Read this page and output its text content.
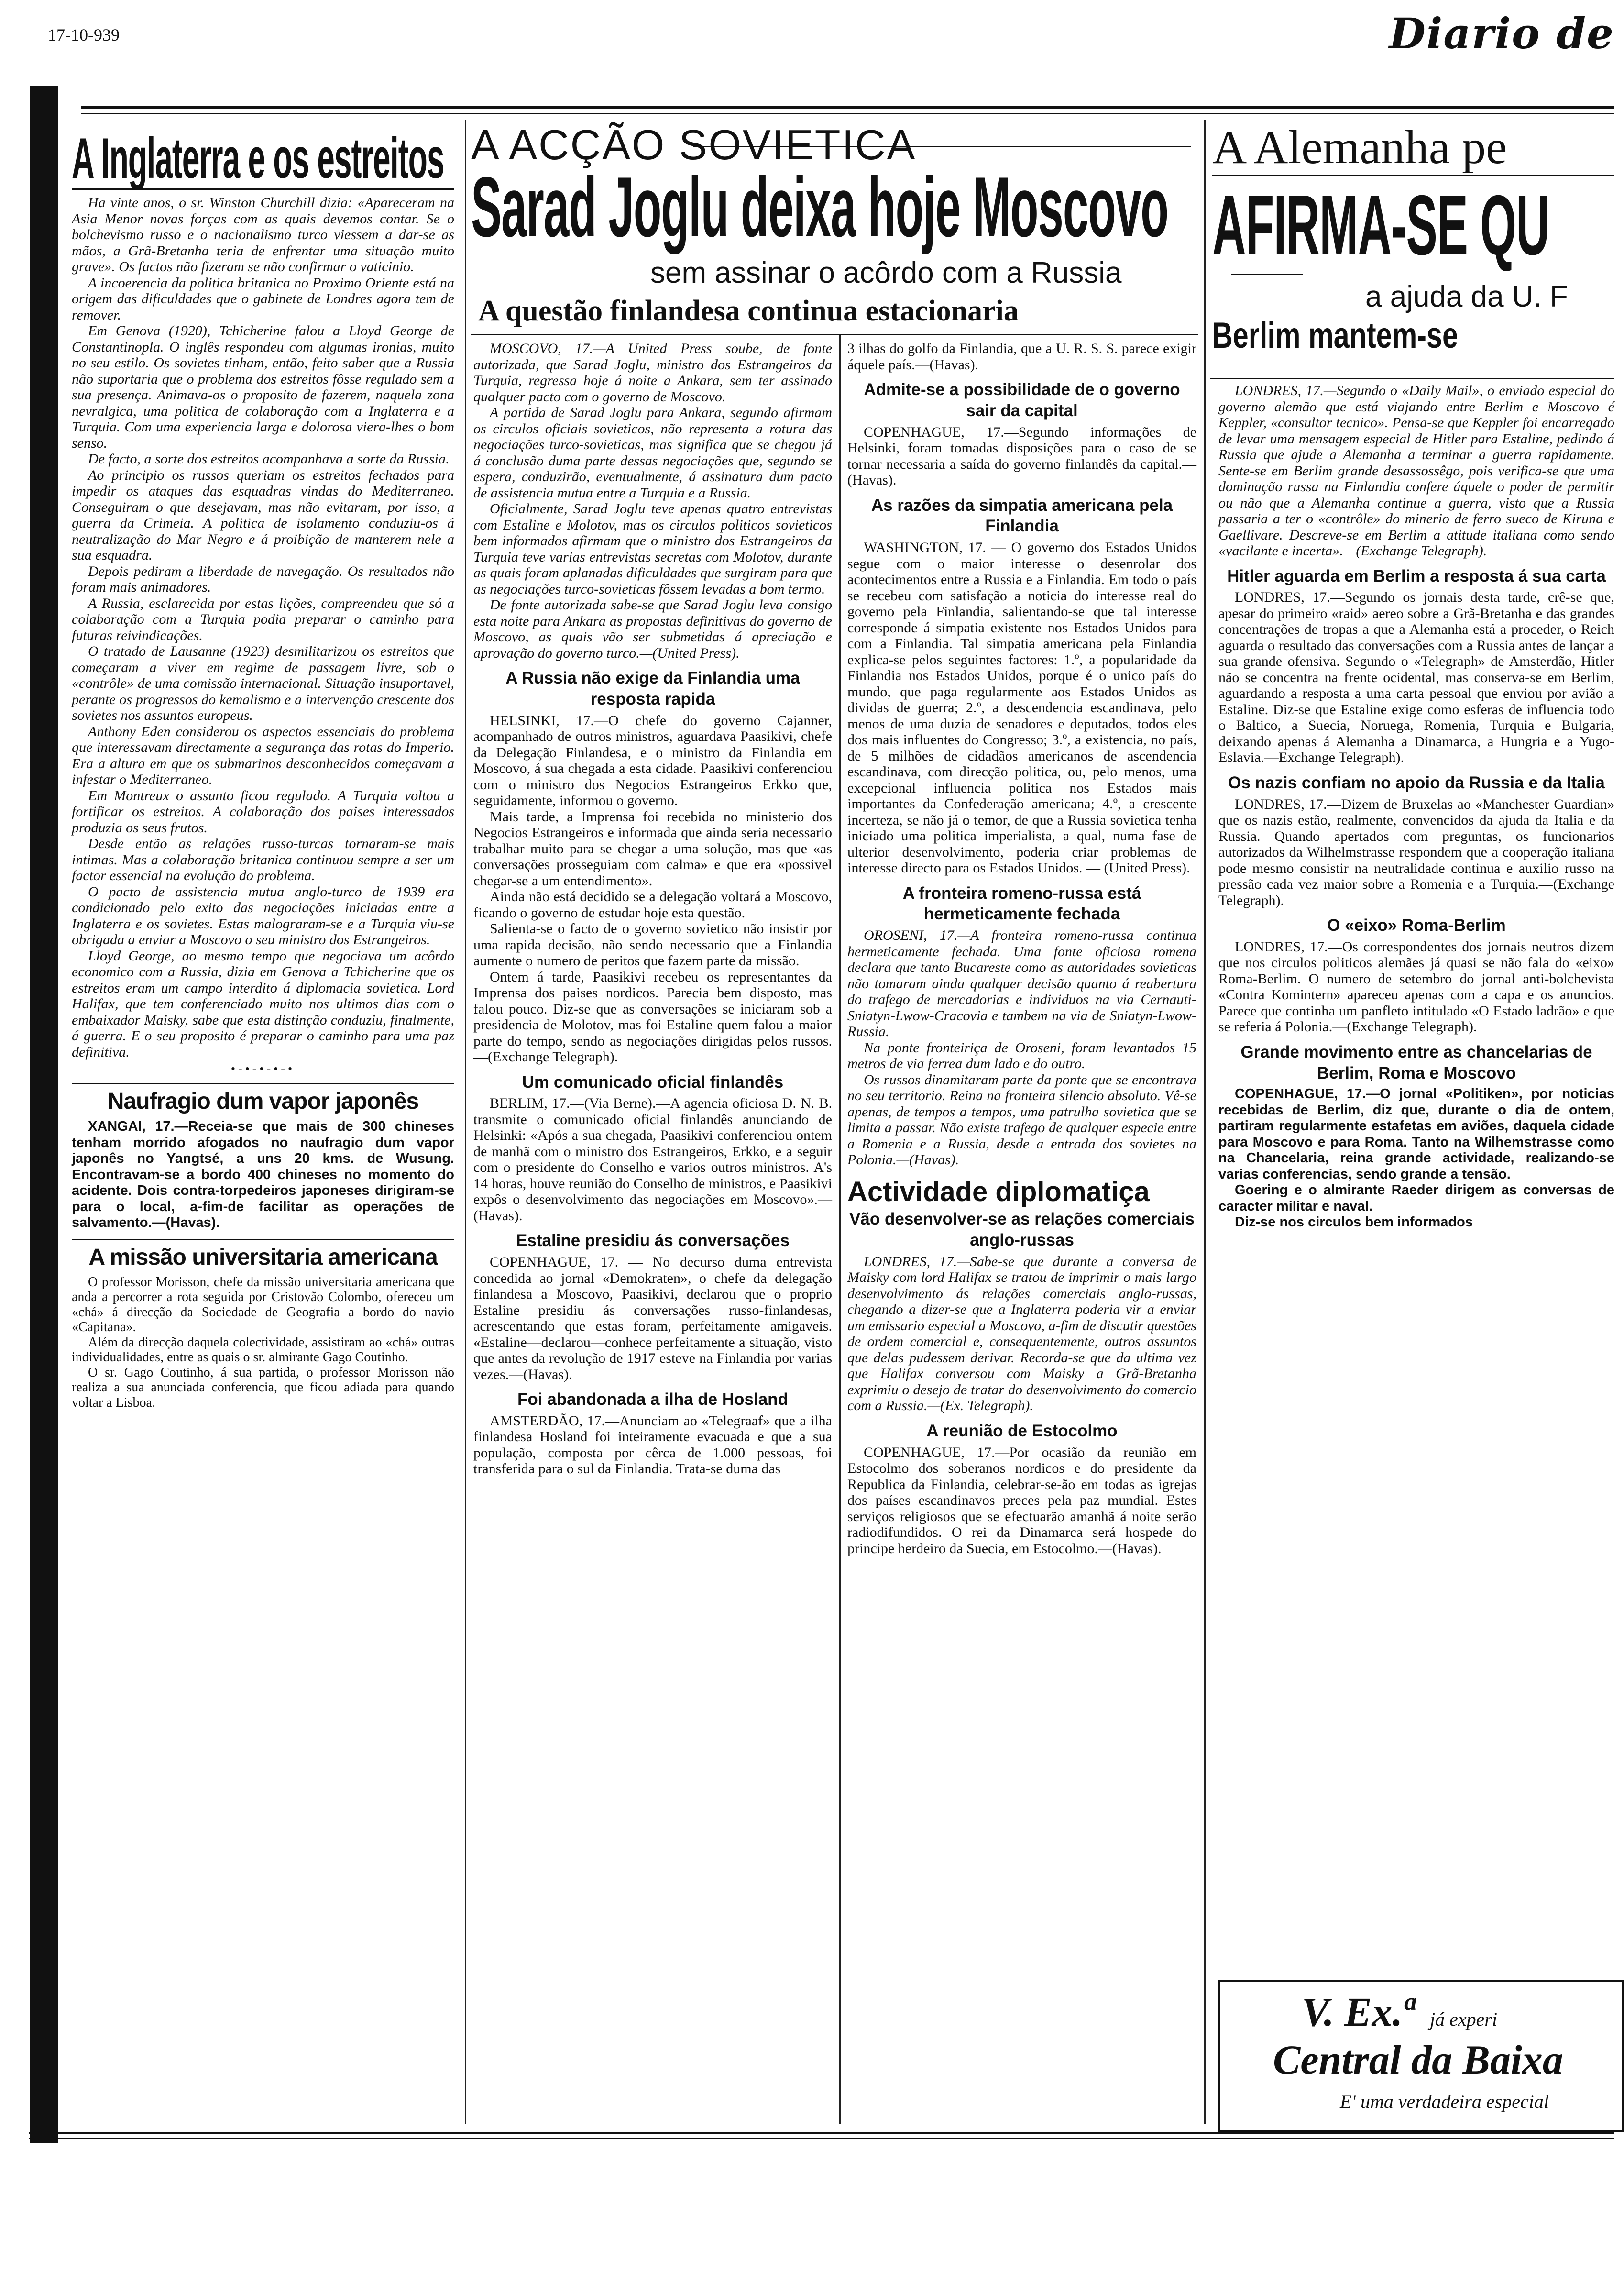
17-10-939	Diario de
A Inglaterra e os estreitos

Ha vinte anos, o sr. Winston Churchill dizia: «Apareceram na Asia Menor novas forças com as quais devemos contar. Se o bolchevismo russo e o nacionalismo turco viessem a dar-se as mãos, a Grã-Bretanha teria de enfrentar uma situação muito grave». Os factos não fizeram se não confirmar o vaticinio.

A incoerencia da politica britanica no Proximo Oriente está na origem das dificuldades que o gabinete de Londres agora tem de remover.

Em Genova (1920), Tchicherine falou a Lloyd George de Constantinopla. O inglês respondeu com algumas ironias, muito no seu estilo. Os sovietes tinham, então, feito saber que a Russia não suportaria que o problema dos estreitos fôsse regulado sem a sua presença. Animava-os o proposito de fazerem, naquela zona nevralgica, uma politica de colaboração com a Inglaterra e a Turquia. Com uma experiencia larga e dolorosa viera-lhes o bom senso.

De facto, a sorte dos estreitos acompanhava a sorte da Russia.

Ao principio os russos queriam os estreitos fechados para impedir os ataques das esquadras vindas do Mediterraneo. Conseguiram o que desejavam, mas não evitaram, por isso, a guerra da Crimeia. A politica de isolamento conduziu-os á neutralização do Mar Negro e á proibição de manterem nele a sua esquadra.

Depois pediram a liberdade de navegação. Os resultados não foram mais animadores.

A Russia, esclarecida por estas lições, compreendeu que só a colaboração com a Turquia podia preparar o caminho para futuras reivindicações.

O tratado de Lausanne (1923) desmilitarizou os estreitos que começaram a viver em regime de passagem livre, sob o «contrôle» de uma comissão internacional. Situação insuportavel, perante os progressos do kemalismo e a intervenção crescente dos sovietes nos assuntos europeus.

Anthony Eden considerou os aspectos essenciais do problema que interessavam directamente a segurança das rotas do Imperio. Era a altura em que os submarinos desconhecidos começavam a infestar o Mediterraneo.

Em Montreux o assunto ficou regulado. A Turquia voltou a fortificar os estreitos. A colaboração dos paises interessados produzia os seus frutos.

Desde então as relações russo-turcas tornaram-se mais intimas. Mas a colaboração britanica continuou sempre a ser um factor essencial na evolução do problema.

O pacto de assistencia mutua anglo-turco de 1939 era condicionado pelo exito das negociações iniciadas entre a Inglaterra e os sovietes. Estas malograram-se e a Turquia viu-se obrigada a enviar a Moscovo o seu ministro dos Estrangeiros.

Lloyd George, ao mesmo tempo que negociava um acôrdo economico com a Russia, dizia em Genova a Tchicherine que os estreitos eram um campo interdito á diplomacia sovietica. Lord Halifax, que tem conferenciado muito nos ultimos dias com o embaixador Maisky, sabe que esta distinção conduziu, finalmente, á guerra. E o seu proposito é preparar o caminho para uma paz definitiva.

•-•-•-•-•
Naufragio dum vapor japonês

XANGAI, 17.—Receia-se que mais de 300 chineses tenham morrido afogados no naufragio dum vapor japonês no Yangtsé, a uns 20 kms. de Wusung. Encontravam-se a bordo 400 chineses no momento do acidente. Dois contra-torpedeiros japoneses dirigiram-se para o local, a-fim-de facilitar as operações de salvamento.—(Havas).

A missão universitaria americana

O professor Morisson, chefe da missão universitaria americana que anda a percorrer a rota seguida por Cristovão Colombo, ofereceu um «chá» á direcção da Sociedade de Geografia a bordo do navio «Capitana».

Além da direcção daquela colectividade, assistiram ao «chá» outras individualidades, entre as quais o sr. almirante Gago Coutinho.

O sr. Gago Coutinho, á sua partida, o professor Morisson não realiza a sua anunciada conferencia, que ficou adiada para quando voltar a Lisboa.

A ACÇÃO SOVIETICA
Sarad Joglu deixa hoje Moscovo
sem assinar o acôrdo com a Russia
A questão finlandesa continua estacionaria

MOSCOVO, 17.—A United Press soube, de fonte autorizada, que Sarad Joglu, ministro dos Estrangeiros da Turquia, regressa hoje á noite a Ankara, sem ter assinado qualquer pacto com o governo de Moscovo.

A partida de Sarad Joglu para Ankara, segundo afirmam os circulos oficiais sovieticos, não representa a rotura das negociações turco-sovieticas, mas significa que se chegou já á conclusão duma parte dessas negociações que, segundo se espera, conduzirão, eventualmente, á assinatura dum pacto de assistencia mutua entre a Turquia e a Russia.

Oficialmente, Sarad Joglu teve apenas quatro entrevistas com Estaline e Molotov, mas os circulos politicos sovieticos bem informados afirmam que o ministro dos Estrangeiros da Turquia teve varias entrevistas secretas com Molotov, durante as quais foram aplanadas dificuldades que surgiram para que as negociações turco-sovieticas fôssem levadas a bom termo.

De fonte autorizada sabe-se que Sarad Joglu leva consigo esta noite para Ankara as propostas definitivas do governo de Moscovo, as quais vão ser submetidas á apreciação e aprovação do governo turco.—(United Press).

A Russia não exige da Finlandia uma resposta rapida

HELSINKI, 17.—O chefe do governo Cajanner, acompanhado de outros ministros, aguardava Paasikivi, chefe da Delegação Finlandesa, e o ministro da Finlandia em Moscovo, á sua chegada a esta cidade. Paasikivi conferenciou com o ministro dos Negocios Estrangeiros Erkko que, seguidamente, informou o governo.

Mais tarde, a Imprensa foi recebida no ministerio dos Negocios Estrangeiros e informada que ainda seria necessario trabalhar muito para se chegar a uma solução, mas que «as conversações prosseguiam com calma» e que era «possivel chegar-se a um entendimento».

Ainda não está decidido se a delegação voltará a Moscovo, ficando o governo de estudar hoje esta questão.

Salienta-se o facto de o governo sovietico não insistir por uma rapida decisão, não sendo necessario que a Finlandia aumente o numero de peritos que fazem parte da missão.

Ontem á tarde, Paasikivi recebeu os representantes da Imprensa dos paises nordicos. Parecia bem disposto, mas falou pouco. Diz-se que as conversações se iniciaram sob a presidencia de Molotov, mas foi Estaline quem falou a maior parte do tempo, sendo as negociações dirigidas pelos russos.—(Exchange Telegraph).

Um comunicado oficial finlandês

BERLIM, 17.—(Via Berne).—A agencia oficiosa D. N. B. transmite o comunicado oficial finlandês anunciando de Helsinki: «Após a sua chegada, Paasikivi conferenciou ontem de manhã com o ministro dos Estrangeiros, Erkko, e a seguir com o presidente do Conselho e varios outros ministros. A's 14 horas, houve reunião do Conselho de ministros, e Paasikivi expôs o desenvolvimento das negociações em Moscovo».—(Havas).

Estaline presidiu ás conversações

COPENHAGUE, 17. — No decurso duma entrevista concedida ao jornal «Demokraten», o chefe da delegação finlandesa a Moscovo, Paasikivi, declarou que o proprio Estaline presidiu ás conversações russo-finlandesas, acrescentando que estas foram, perfeitamente amigaveis. «Estaline—declarou—conhece perfeitamente a situação, visto que antes da revolução de 1917 esteve na Finlandia por varias vezes.—(Havas).

Foi abandonada a ilha de Hosland

AMSTERDÃO, 17.—Anunciam ao «Telegraaf» que a ilha finlandesa Hosland foi inteiramente evacuada e que a sua população, composta por cêrca de 1.000 pessoas, foi transferida para o sul da Finlandia. Trata-se duma das

3 ilhas do golfo da Finlandia, que a U. R. S. S. parece exigir áquele país.—(Havas).

Admite-se a possibilidade de o governo sair da capital

COPENHAGUE, 17.—Segundo informações de Helsinki, foram tomadas disposições para o caso de se tornar necessaria a saída do governo finlandês da capital.—(Havas).

As razões da simpatia americana pela Finlandia

WASHINGTON, 17. — O governo dos Estados Unidos segue com o maior interesse o desenrolar dos acontecimentos entre a Russia e a Finlandia. Em todo o país se recebeu com satisfação a noticia do interesse real do governo pela Finlandia, salientando-se que tal interesse corresponde á simpatia existente nos Estados Unidos para com a Finlandia. Tal simpatia americana pela Finlandia explica-se pelos seguintes factores: 1.º, a popularidade da Finlandia nos Estados Unidos, porque é o unico país do mundo, que paga regularmente aos Estados Unidos as dividas de guerra; 2.º, a descendencia escandinava, pelo menos de uma duzia de senadores e deputados, todos eles dos mais influentes do Congresso; 3.º, a existencia, no país, de 5 milhões de cidadãos americanos de ascendencia escandinava, com direcção politica, ou, pelo menos, uma excepcional influencia politica nos Estados mais importantes da Confederação americana; 4.º, a crescente incerteza, se não já o temor, de que a Russia sovietica tenha iniciado uma politica imperialista, a qual, numa fase de ulterior desenvolvimento, poderia criar problemas de interesse directo para os Estados Unidos. — (United Press).

A fronteira romeno-russa está hermeticamente fechada

OROSENI, 17.—A fronteira romeno-russa continua hermeticamente fechada. Uma fonte oficiosa romena declara que tanto Bucareste como as autoridades sovieticas não tomaram ainda qualquer decisão quanto á reabertura do trafego de mercadorias e individuos na via Cernauti-Sniatyn-Lwow-Cracovia e tambem na via de Sniatyn-Lwow-Russia.

Na ponte fronteiriça de Oroseni, foram levantados 15 metros de via ferrea dum lado e do outro.

Os russos dinamitaram parte da ponte que se encontrava no seu territorio. Reina na fronteira silencio absoluto. Vê-se apenas, de tempos a tempos, uma patrulha sovietica que se limita a passar. Não existe trafego de qualquer especie entre a Romenia e a Russia, desde a entrada dos sovietes na Polonia.—(Havas).

Actividade diplomatiça
Vão desenvolver-se as relações comerciais anglo-russas

LONDRES, 17.—Sabe-se que durante a conversa de Maisky com lord Halifax se tratou de imprimir o mais largo desenvolvimento ás relações comerciais anglo-russas, chegando a dizer-se que a Inglaterra poderia vir a enviar um emissario especial a Moscovo, a-fim de discutir questões de ordem comercial e, consequentemente, outros assuntos que delas pudessem derivar. Recorda-se que da ultima vez que Halifax conversou com Maisky a Grã-Bretanha exprimiu o desejo de tratar do desenvolvimento do comercio com a Russia.—(Ex. Telegraph).

A reunião de Estocolmo

COPENHAGUE, 17.—Por ocasião da reunião em Estocolmo dos soberanos nordicos e do presidente da Republica da Finlandia, celebrar-se-ão em todas as igrejas dos países escandinavos preces pela paz mundial. Estes serviços religiosos que se efectuarão amanhã á noite serão radiodifundidos. O rei da Dinamarca será hospede do principe herdeiro da Suecia, em Estocolmo.—(Havas).

A Alemanha pe
AFIRMA-SE QU
a ajuda da U. F
Berlim mantem-se

LONDRES, 17.—Segundo o «Daily Mail», o enviado especial do governo alemão que está viajando entre Berlim e Moscovo é Keppler, «consultor tecnico». Pensa-se que Keppler foi encarregado de levar uma mensagem especial de Hitler para Estaline, pedindo á Russia que ajude a Alemanha a terminar a guerra rapidamente. Sente-se em Berlim grande desassossêgo, pois verifica-se que uma dominação russa na Finlandia confere áquele o poder de permitir ou não que a Alemanha continue a guerra, visto que a Russia passaria a ter o «contrôle» do minerio de ferro sueco de Kiruna e Gaellivare. Descreve-se em Berlim a atitude italiana como sendo «vacilante e incerta».—(Exchange Telegraph).

Hitler aguarda em Berlim a resposta á sua carta

LONDRES, 17.—Segundo os jornais desta tarde, crê-se que, apesar do primeiro «raid» aereo sobre a Grã-Bretanha e das grandes concentrações de tropas a que a Alemanha está a proceder, o Reich aguarda o resultado das conversações com a Russia antes de lançar a sua grande ofensiva. Segundo o «Telegraph» de Amsterdão, Hitler não se concentra na frente ocidental, mas conserva-se em Berlim, aguardando a resposta a uma carta pessoal que enviou por avião a Estaline. Diz-se que Estaline exige como esferas de influencia todo o Baltico, a Suecia, Noruega, Romenia, Turquia e Bulgaria, deixando apenas á Alemanha a Dinamarca, a Hungria e a Yugo-Eslavia.—Exchange Telegraph).

Os nazis confiam no apoio da Russia e da Italia

LONDRES, 17.—Dizem de Bruxelas ao «Manchester Guardian» que os nazis estão, realmente, convencidos da ajuda da Italia e da Russia. Quando apertados com preguntas, os funcionarios autorizados da Wilhelmstrasse respondem que a cooperação italiana pode mesmo consistir na neutralidade continua e auxilio russo na pressão cada vez maior sobre a Romenia e a Turquia.—(Exchange Telegraph).

O «eixo» Roma-Berlim

LONDRES, 17.—Os correspondentes dos jornais neutros dizem que nos circulos politicos alemães já quasi se não fala do «eixo» Roma-Berlim. O numero de setembro do jornal anti-bolchevista «Contra Komintern» apareceu apenas com a capa e os anuncios. Parece que continha um panfleto intitulado «O Estado ladrão» e que se referia á Polonia.—(Exchange Telegraph).

Grande movimento entre as chancelarias de Berlim, Roma e Moscovo

COPENHAGUE, 17.—O jornal «Politiken», por noticias recebidas de Berlim, diz que, durante o dia de ontem, partiram regularmente estafetas em aviões, daquela cidade para Moscovo e para Roma. Tanto na Wilhemstrasse como na Chancelaria, reina grande actividade, realizando-se varias conferencias, sendo grande a tensão.

Goering e o almirante Raeder dirigem as conversas de caracter militar e naval.

Diz-se nos circulos bem informados

V. Ex.ª já experi
Central da Baixa
E' uma verdadeira especial
